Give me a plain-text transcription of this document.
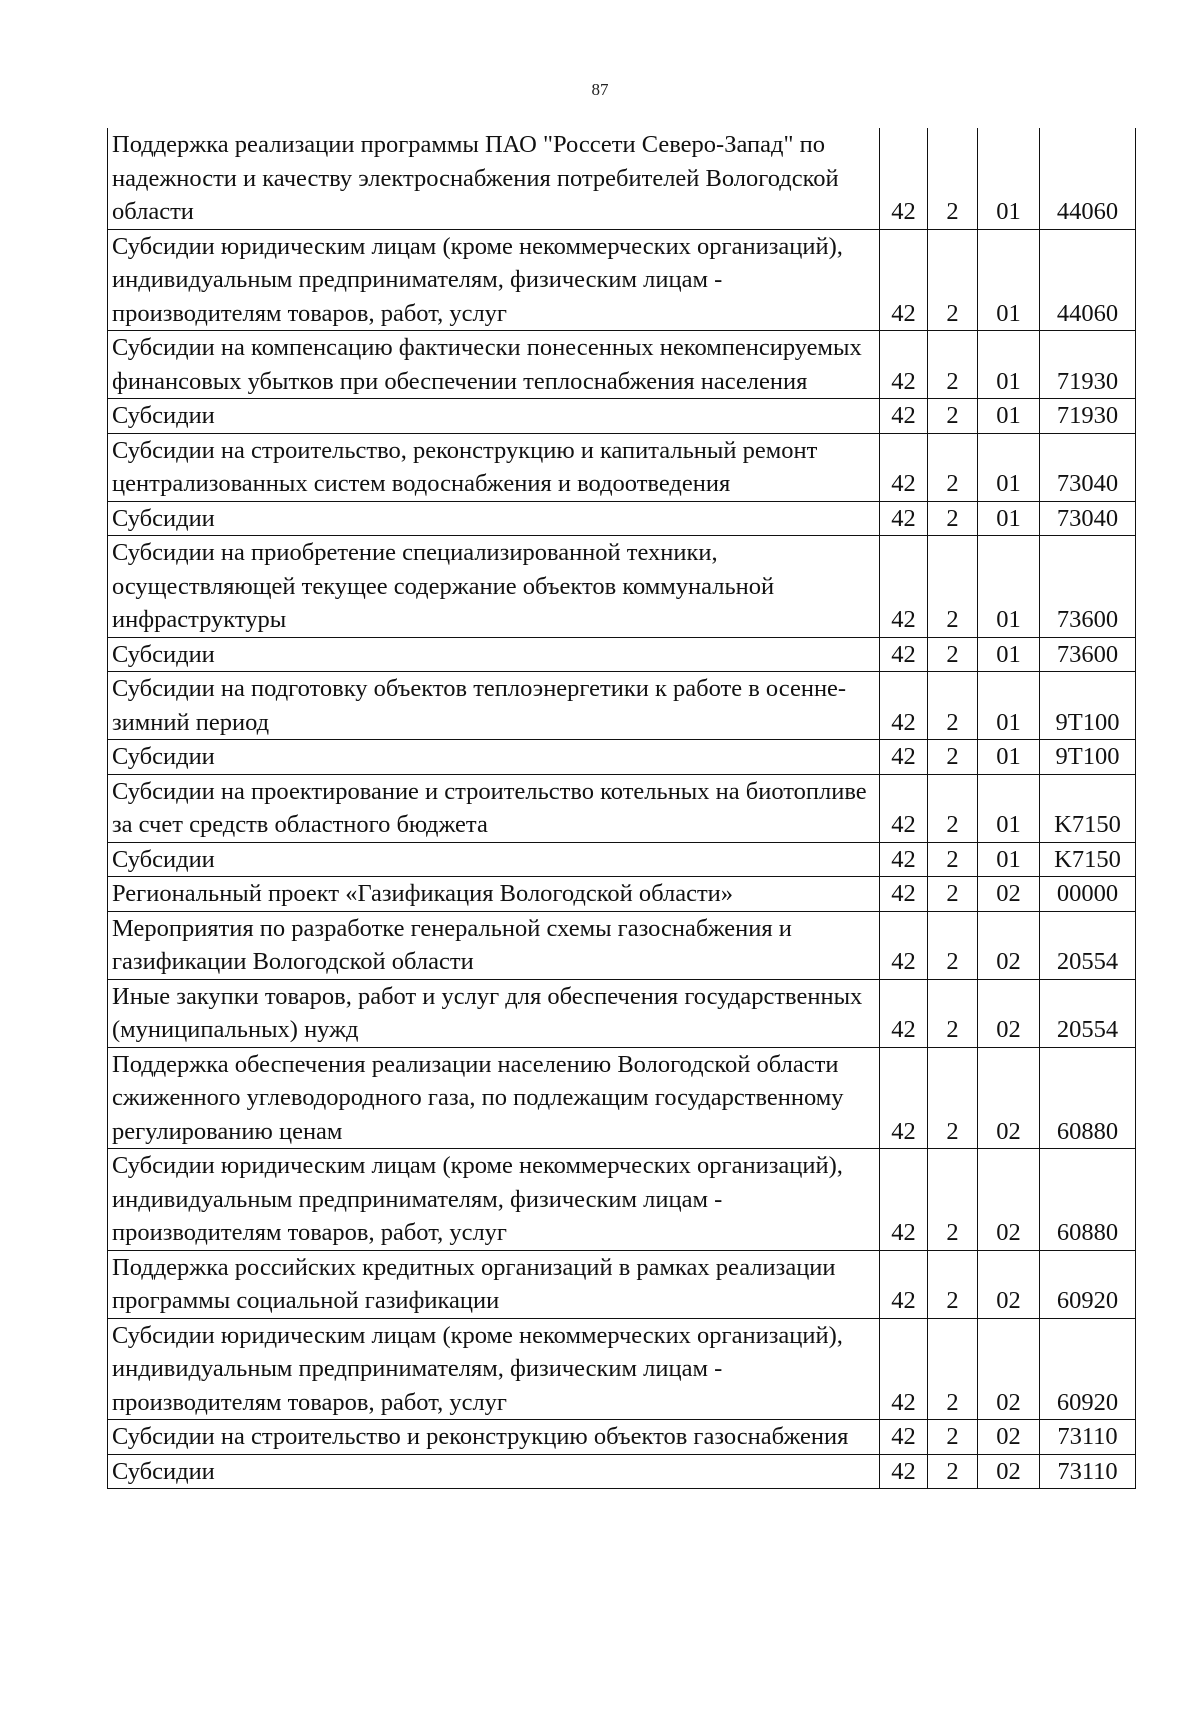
87
Поддержка реализации программы ПАО "Россети Северо-Запад" по надежности и качеству электроснабжения потребителей Вологодской области	42	2	01	44060
Субсидии юридическим лицам (кроме некоммерческих организаций), индивидуальным предпринимателям, физическим лицам - производителям товаров, работ, услуг	42	2	01	44060
Субсидии на компенсацию фактически понесенных некомпенсируемых финансовых убытков при обеспечении теплоснабжения населения	42	2	01	71930
Субсидии	42	2	01	71930
Субсидии на строительство, реконструкцию и капитальный ремонт централизованных систем водоснабжения и водоотведения	42	2	01	73040
Субсидии	42	2	01	73040
Субсидии на приобретение специализированной техники, осуществляющей текущее содержание объектов коммунальной инфраструктуры	42	2	01	73600
Субсидии	42	2	01	73600
Субсидии на подготовку объектов теплоэнергетики к работе в осенне-зимний период	42	2	01	9T100
Субсидии	42	2	01	9T100
Субсидии на проектирование и строительство котельных на биотопливе за счет средств областного бюджета	42	2	01	K7150
Субсидии	42	2	01	K7150
Региональный проект «Газификация Вологодской области»	42	2	02	00000
Мероприятия по разработке генеральной схемы газоснабжения и газификации Вологодской области	42	2	02	20554
Иные закупки товаров, работ и услуг для обеспечения государственных (муниципальных) нужд	42	2	02	20554
Поддержка обеспечения реализации населению Вологодской области сжиженного углеводородного газа, по подлежащим государственному регулированию ценам	42	2	02	60880
Субсидии юридическим лицам (кроме некоммерческих организаций), индивидуальным предпринимателям, физическим лицам - производителям товаров, работ, услуг	42	2	02	60880
Поддержка российских кредитных организаций в рамках реализации программы социальной газификации	42	2	02	60920
Субсидии юридическим лицам (кроме некоммерческих организаций), индивидуальным предпринимателям, физическим лицам - производителям товаров, работ, услуг	42	2	02	60920
Субсидии на строительство и реконструкцию объектов газоснабжения	42	2	02	73110
Субсидии	42	2	02	73110
